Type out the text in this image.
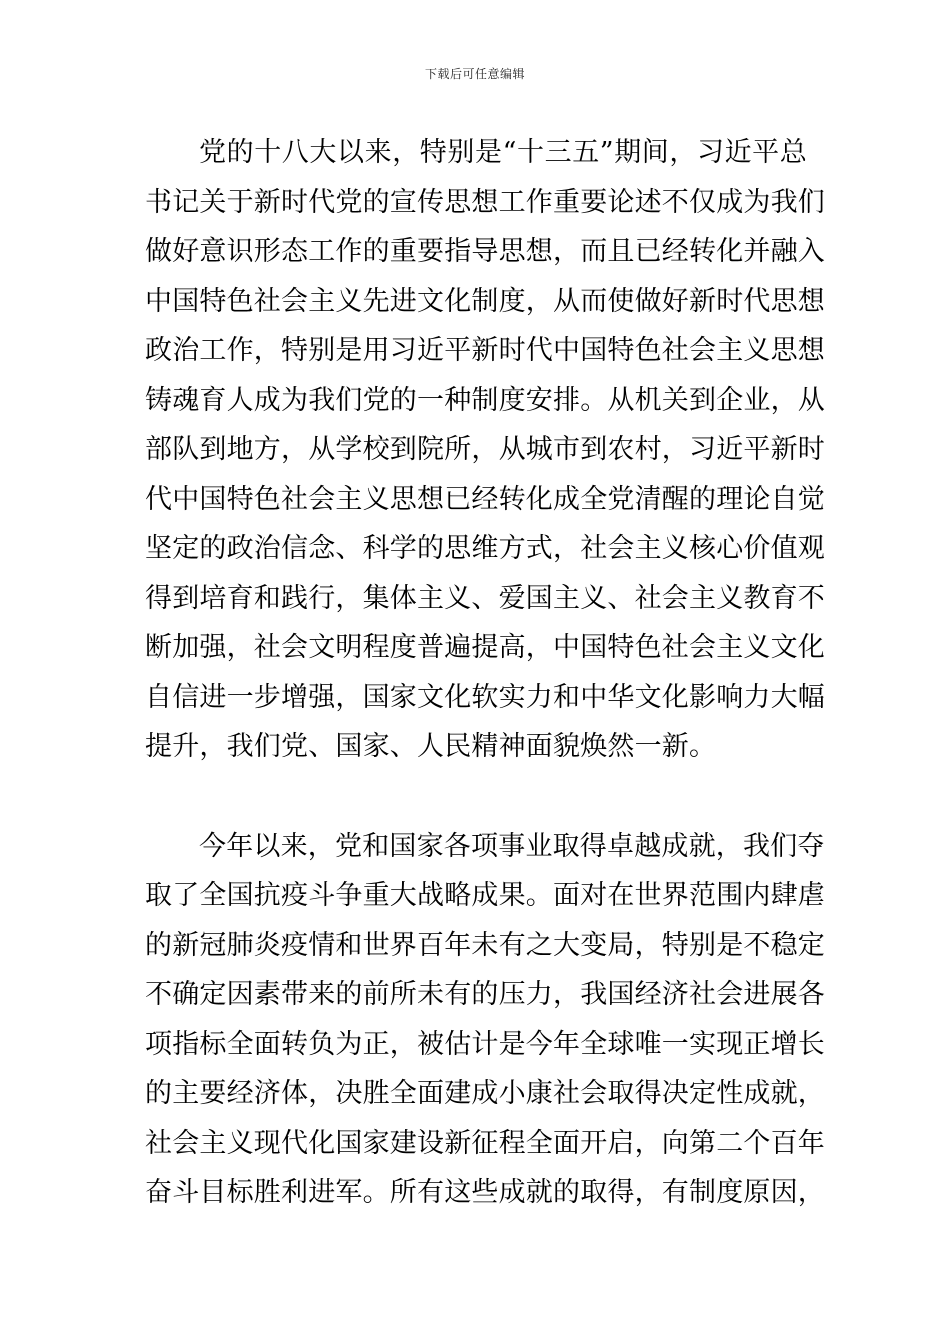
下载后可任意编辑
党的十八大以来，特别是“十三五”期间，习近平总
书记关于新时代党的宣传思想工作重要论述不仅成为我们
做好意识形态工作的重要指导思想，而且已经转化并融入
中国特色社会主义先进文化制度，从而使做好新时代思想
政治工作，特别是用习近平新时代中国特色社会主义思想
铸魂育人成为我们党的一种制度安排。从机关到企业，从
部队到地方，从学校到院所，从城市到农村，习近平新时
代中国特色社会主义思想已经转化成全党清醒的理论自觉
坚定的政治信念、科学的思维方式，社会主义核心价值观
得到培育和践行，集体主义、爱国主义、社会主义教育不
断加强，社会文明程度普遍提高，中国特色社会主义文化
自信进一步增强，国家文化软实力和中华文化影响力大幅
提升，我们党、国家、人民精神面貌焕然一新。
今年以来，党和国家各项事业取得卓越成就，我们夺
取了全国抗疫斗争重大战略成果。面对在世界范围内肆虐
的新冠肺炎疫情和世界百年未有之大变局，特别是不稳定
不确定因素带来的前所未有的压力，我国经济社会进展各
项指标全面转负为正，被估计是今年全球唯一实现正增长
的主要经济体，决胜全面建成小康社会取得决定性成就，
社会主义现代化国家建设新征程全面开启，向第二个百年
奋斗目标胜利进军。所有这些成就的取得，有制度原因，
